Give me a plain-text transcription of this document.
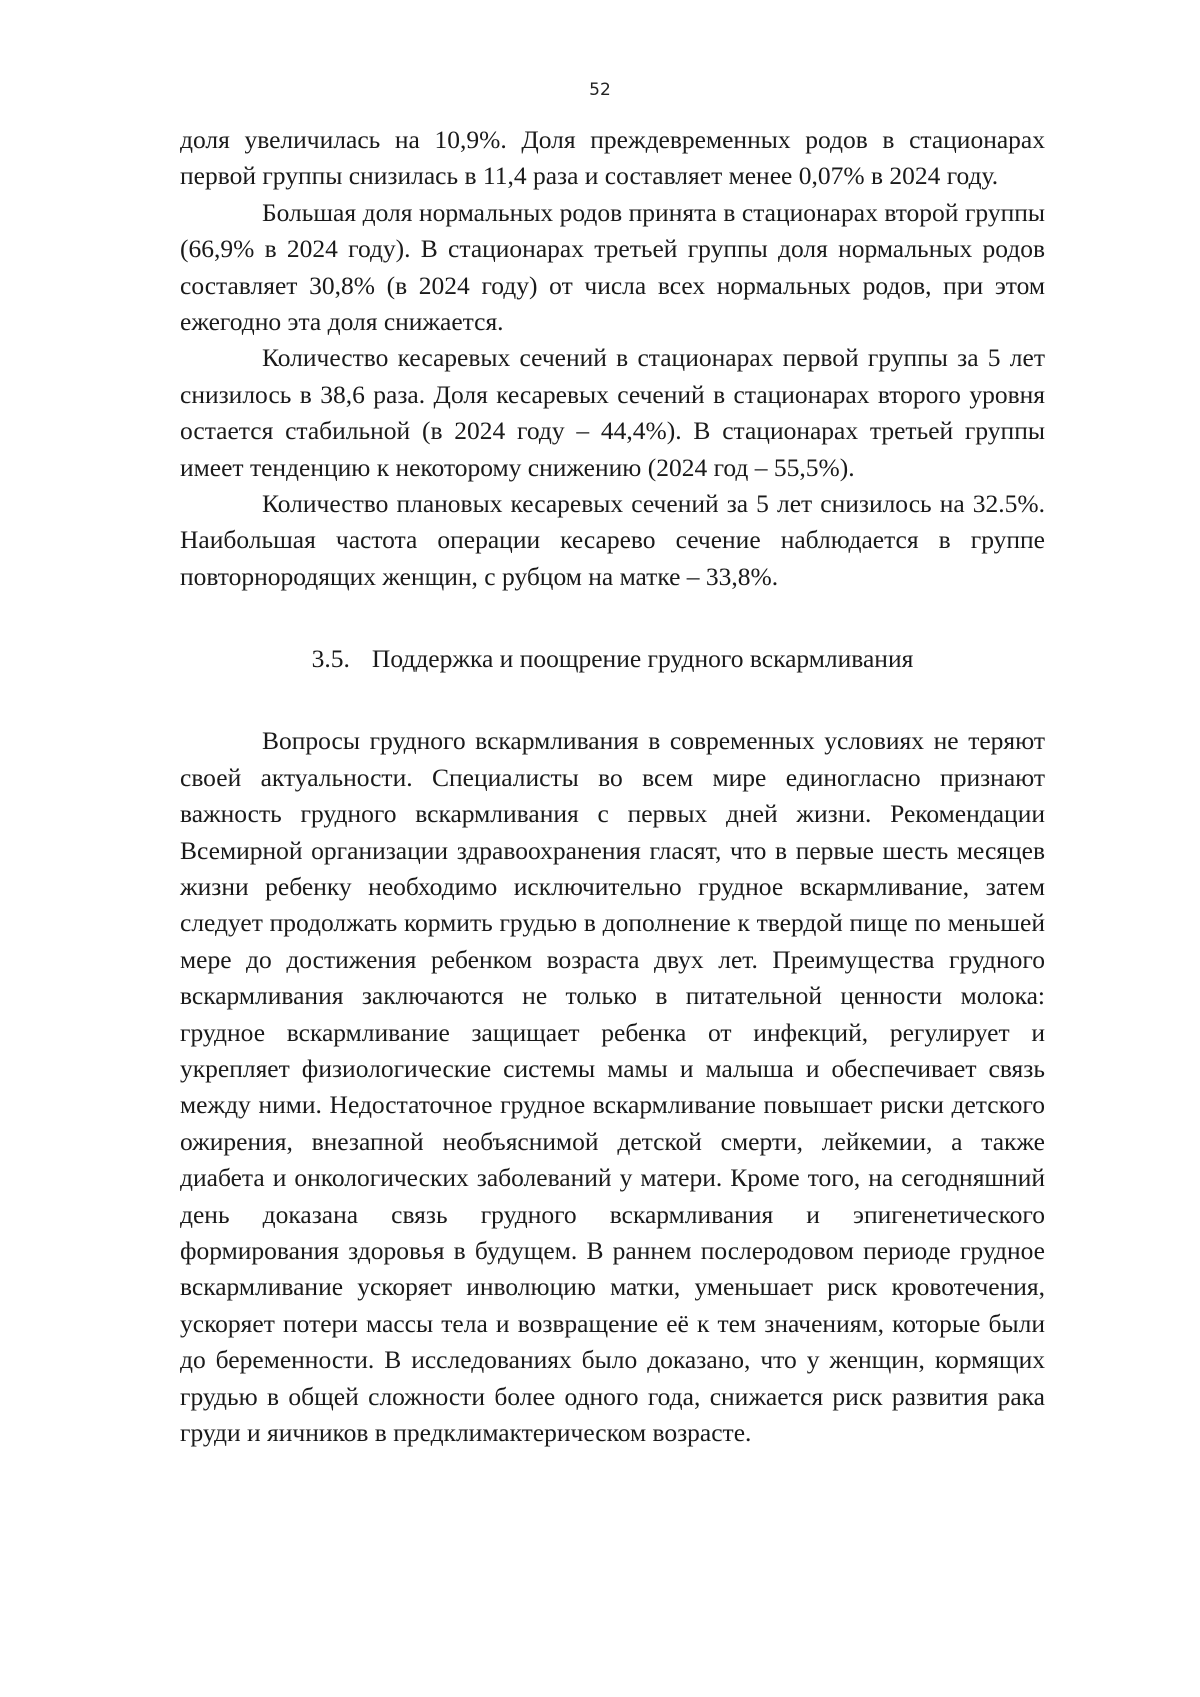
52

доля увеличилась на 10,9%. Доля преждевременных родов в стационарах первой группы снизилась в 11,4 раза и составляет менее 0,07% в 2024 году.

Большая доля нормальных родов принята в стационарах второй группы (66,9% в 2024 году). В стационарах третьей группы доля нормальных родов составляет 30,8% (в 2024 году) от числа всех нормальных родов, при этом ежегодно эта доля снижается.

Количество кесаревых сечений в стационарах первой группы за 5 лет снизилось в 38,6 раза. Доля кесаревых сечений в стационарах второго уровня остается стабильной (в 2024 году – 44,4%). В стационарах третьей группы имеет тенденцию к некоторому снижению (2024 год – 55,5%).

Количество плановых кесаревых сечений за 5 лет снизилось на 32.5%. Наибольшая частота операции кесарево сечение наблюдается в группе повторнородящих женщин, с рубцом на матке – 33,8%.

3.5. Поддержка и поощрение грудного вскармливания

Вопросы грудного вскармливания в современных условиях не теряют своей актуальности. Специалисты во всем мире единогласно признают важность грудного вскармливания с первых дней жизни. Рекомендации Всемирной организации здравоохранения гласят, что в первые шесть месяцев жизни ребенку необходимо исключительно грудное вскармливание, затем следует продолжать кормить грудью в дополнение к твердой пище по меньшей мере до достижения ребенком возраста двух лет. Преимущества грудного вскармливания заключаются не только в питательной ценности молока: грудное вскармливание защищает ребенка от инфекций, регулирует и укрепляет физиологические системы мамы и малыша и обеспечивает связь между ними. Недостаточное грудное вскармливание повышает риски детского ожирения, внезапной необъяснимой детской смерти, лейкемии, а также диабета и онкологических заболеваний у матери. Кроме того, на сегодняшний день доказана связь грудного вскармливания и эпигенетического формирования здоровья в будущем. В раннем послеродовом периоде грудное вскармливание ускоряет инволюцию матки, уменьшает риск кровотечения, ускоряет потери массы тела и возвращение её к тем значениям, которые были до беременности. В исследованиях было доказано, что у женщин, кормящих грудью в общей сложности более одного года, снижается риск развития рака груди и яичников в предклимактерическом возрасте.
